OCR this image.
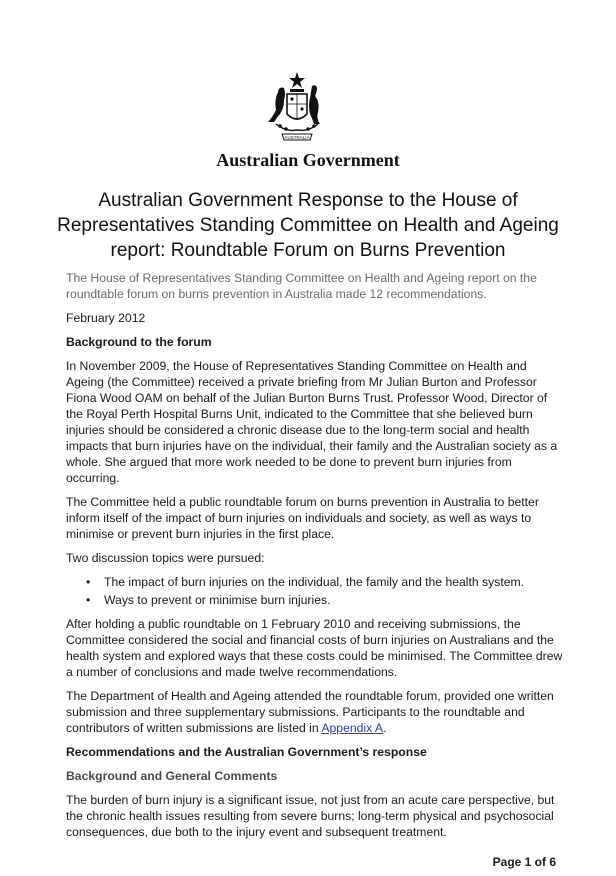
AUSTRALIA
Australian Government
Australian Government Response to the House of Representatives Standing Committee on Health and Ageing report: Roundtable Forum on Burns Prevention

The House of Representatives Standing Committee on Health and Ageing report on the roundtable forum on burns prevention in Australia made 12 recommendations.

February 2012

Background to the forum

In November 2009, the House of Representatives Standing Committee on Health and Ageing (the Committee) received a private briefing from Mr Julian Burton and Professor Fiona Wood OAM on behalf of the Julian Burton Burns Trust. Professor Wood, Director of the Royal Perth Hospital Burns Unit, indicated to the Committee that she believed burn injuries should be considered a chronic disease due to the long-term social and health impacts that burn injuries have on the individual, their family and the Australian society as a whole. She argued that more work needed to be done to prevent burn injuries from occurring.

The Committee held a public roundtable forum on burns prevention in Australia to better inform itself of the impact of burn injuries on individuals and society, as well as ways to minimise or prevent burn injuries in the first place.

Two discussion topics were pursued:

• The impact of burn injuries on the individual, the family and the health system.
• Ways to prevent or minimise burn injuries.

After holding a public roundtable on 1 February 2010 and receiving submissions, the Committee considered the social and financial costs of burn injuries on Australians and the health system and explored ways that these costs could be minimised. The Committee drew a number of conclusions and made twelve recommendations.

The Department of Health and Ageing attended the roundtable forum, provided one written submission and three supplementary submissions. Participants to the roundtable and contributors of written submissions are listed in Appendix A.

Recommendations and the Australian Government’s response

Background and General Comments

The burden of burn injury is a significant issue, not just from an acute care perspective, but the chronic health issues resulting from severe burns; long-term physical and psychosocial consequences, due both to the injury event and subsequent treatment.

Page 1 of 6
